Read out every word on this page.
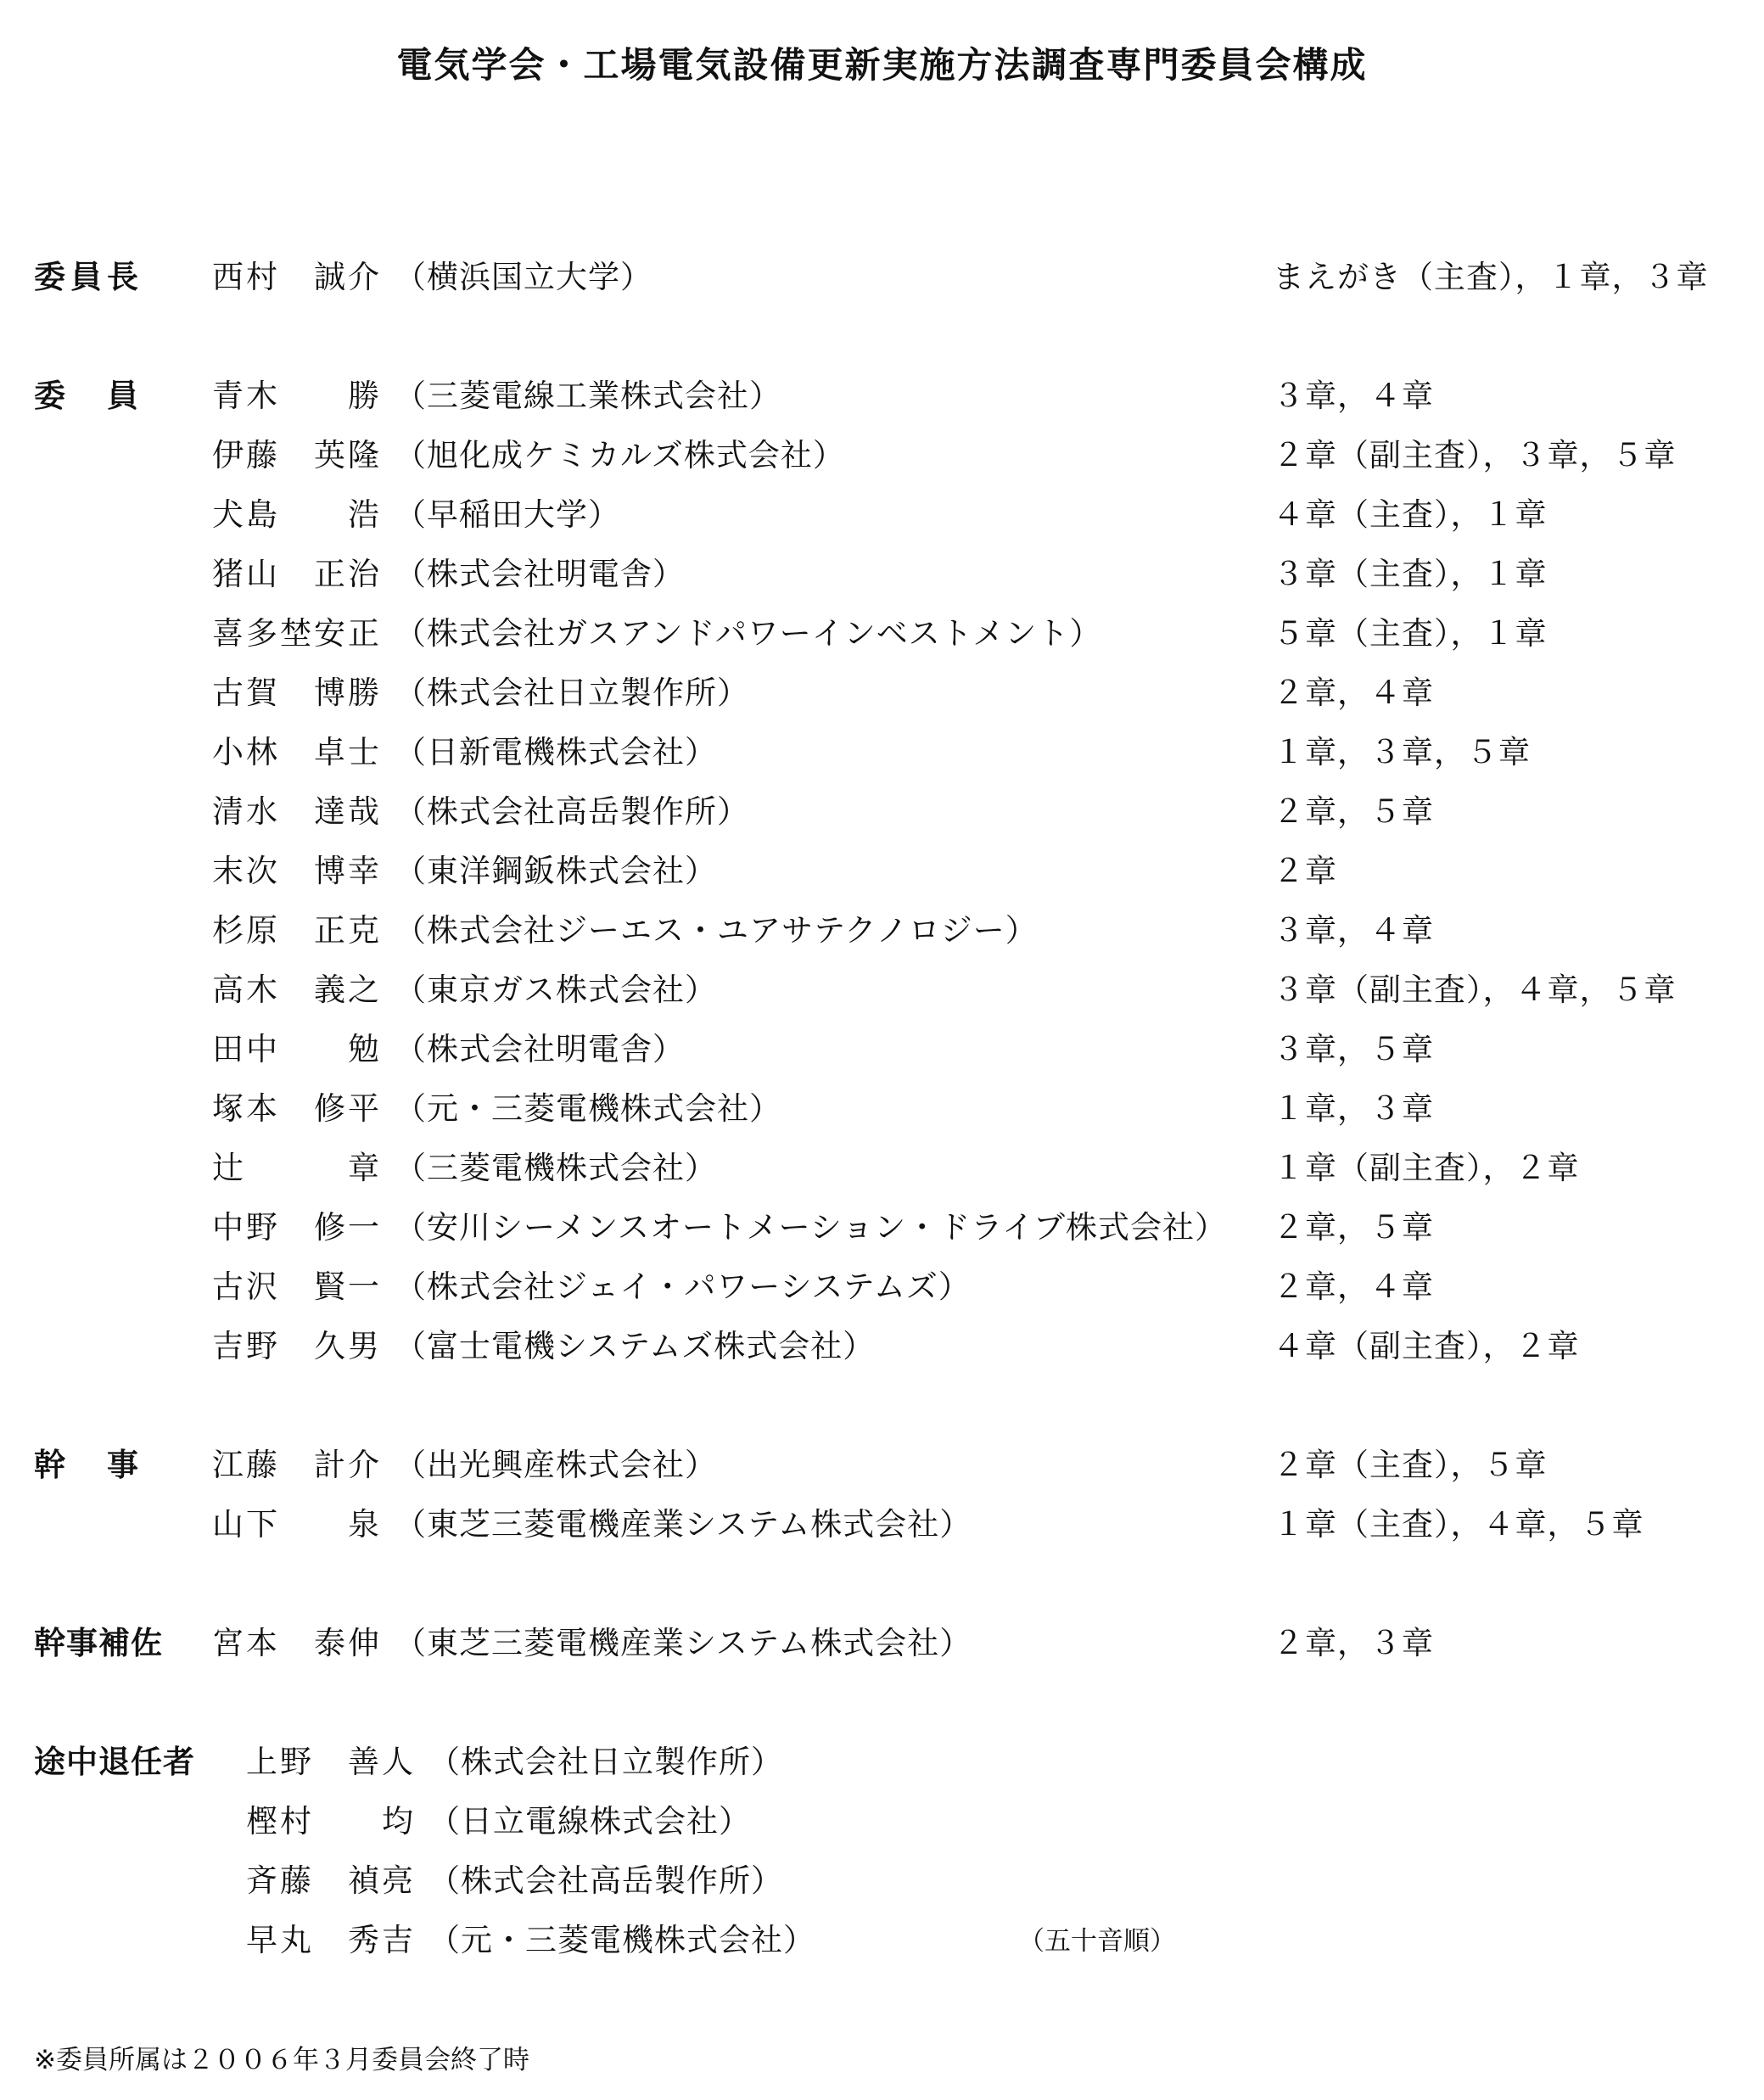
電気学会・工場電気設備更新実施方法調査専門委員会構成
委員長 西村　誠介 （横浜国立大学）	まえがき（主査），１章，３章
委　員 青木　　勝 （三菱電線工業株式会社）	３章，４章
伊藤　英隆 （旭化成ケミカルズ株式会社）	２章（副主査），３章，５章
犬島　　浩 （早稲田大学）	４章（主査），１章
猪山　正治 （株式会社明電舎）	３章（主査），１章
喜多埜安正 （株式会社ガスアンドパワーインベストメント）	５章（主査），１章
古賀　博勝 （株式会社日立製作所）	２章，４章
小林　卓士 （日新電機株式会社）	１章，３章，５章
清水　達哉 （株式会社高岳製作所）	２章，５章
末次　博幸 （東洋鋼鈑株式会社）	２章
杉原　正克 （株式会社ジーエス・ユアサテクノロジー）	３章，４章
高木　義之 （東京ガス株式会社）	３章（副主査），４章，５章
田中　　勉 （株式会社明電舎）	３章，５章
塚本　修平 （元・三菱電機株式会社）	１章，３章
辻　　　章 （三菱電機株式会社）	１章（副主査），２章
中野　修一 （安川シーメンスオートメーション・ドライブ株式会社） ２章，５章
古沢　賢一 （株式会社ジェイ・パワーシステムズ）	２章，４章
吉野　久男 （富士電機システムズ株式会社）	４章（副主査），２章
幹　事 江藤　計介 （出光興産株式会社）	２章（主査），５章
山下　　泉 （東芝三菱電機産業システム株式会社）	１章（主査），４章，５章
幹事補佐 宮本　泰伸 （東芝三菱電機産業システム株式会社）	２章，３章
途中退任者 上野　善人 （株式会社日立製作所）
樫村　　均 （日立電線株式会社）
斉藤　禎亮 （株式会社高岳製作所）
早丸　秀吉 （元・三菱電機株式会社）	（五十音順）
※委員所属は２００６年３月委員会終了時
